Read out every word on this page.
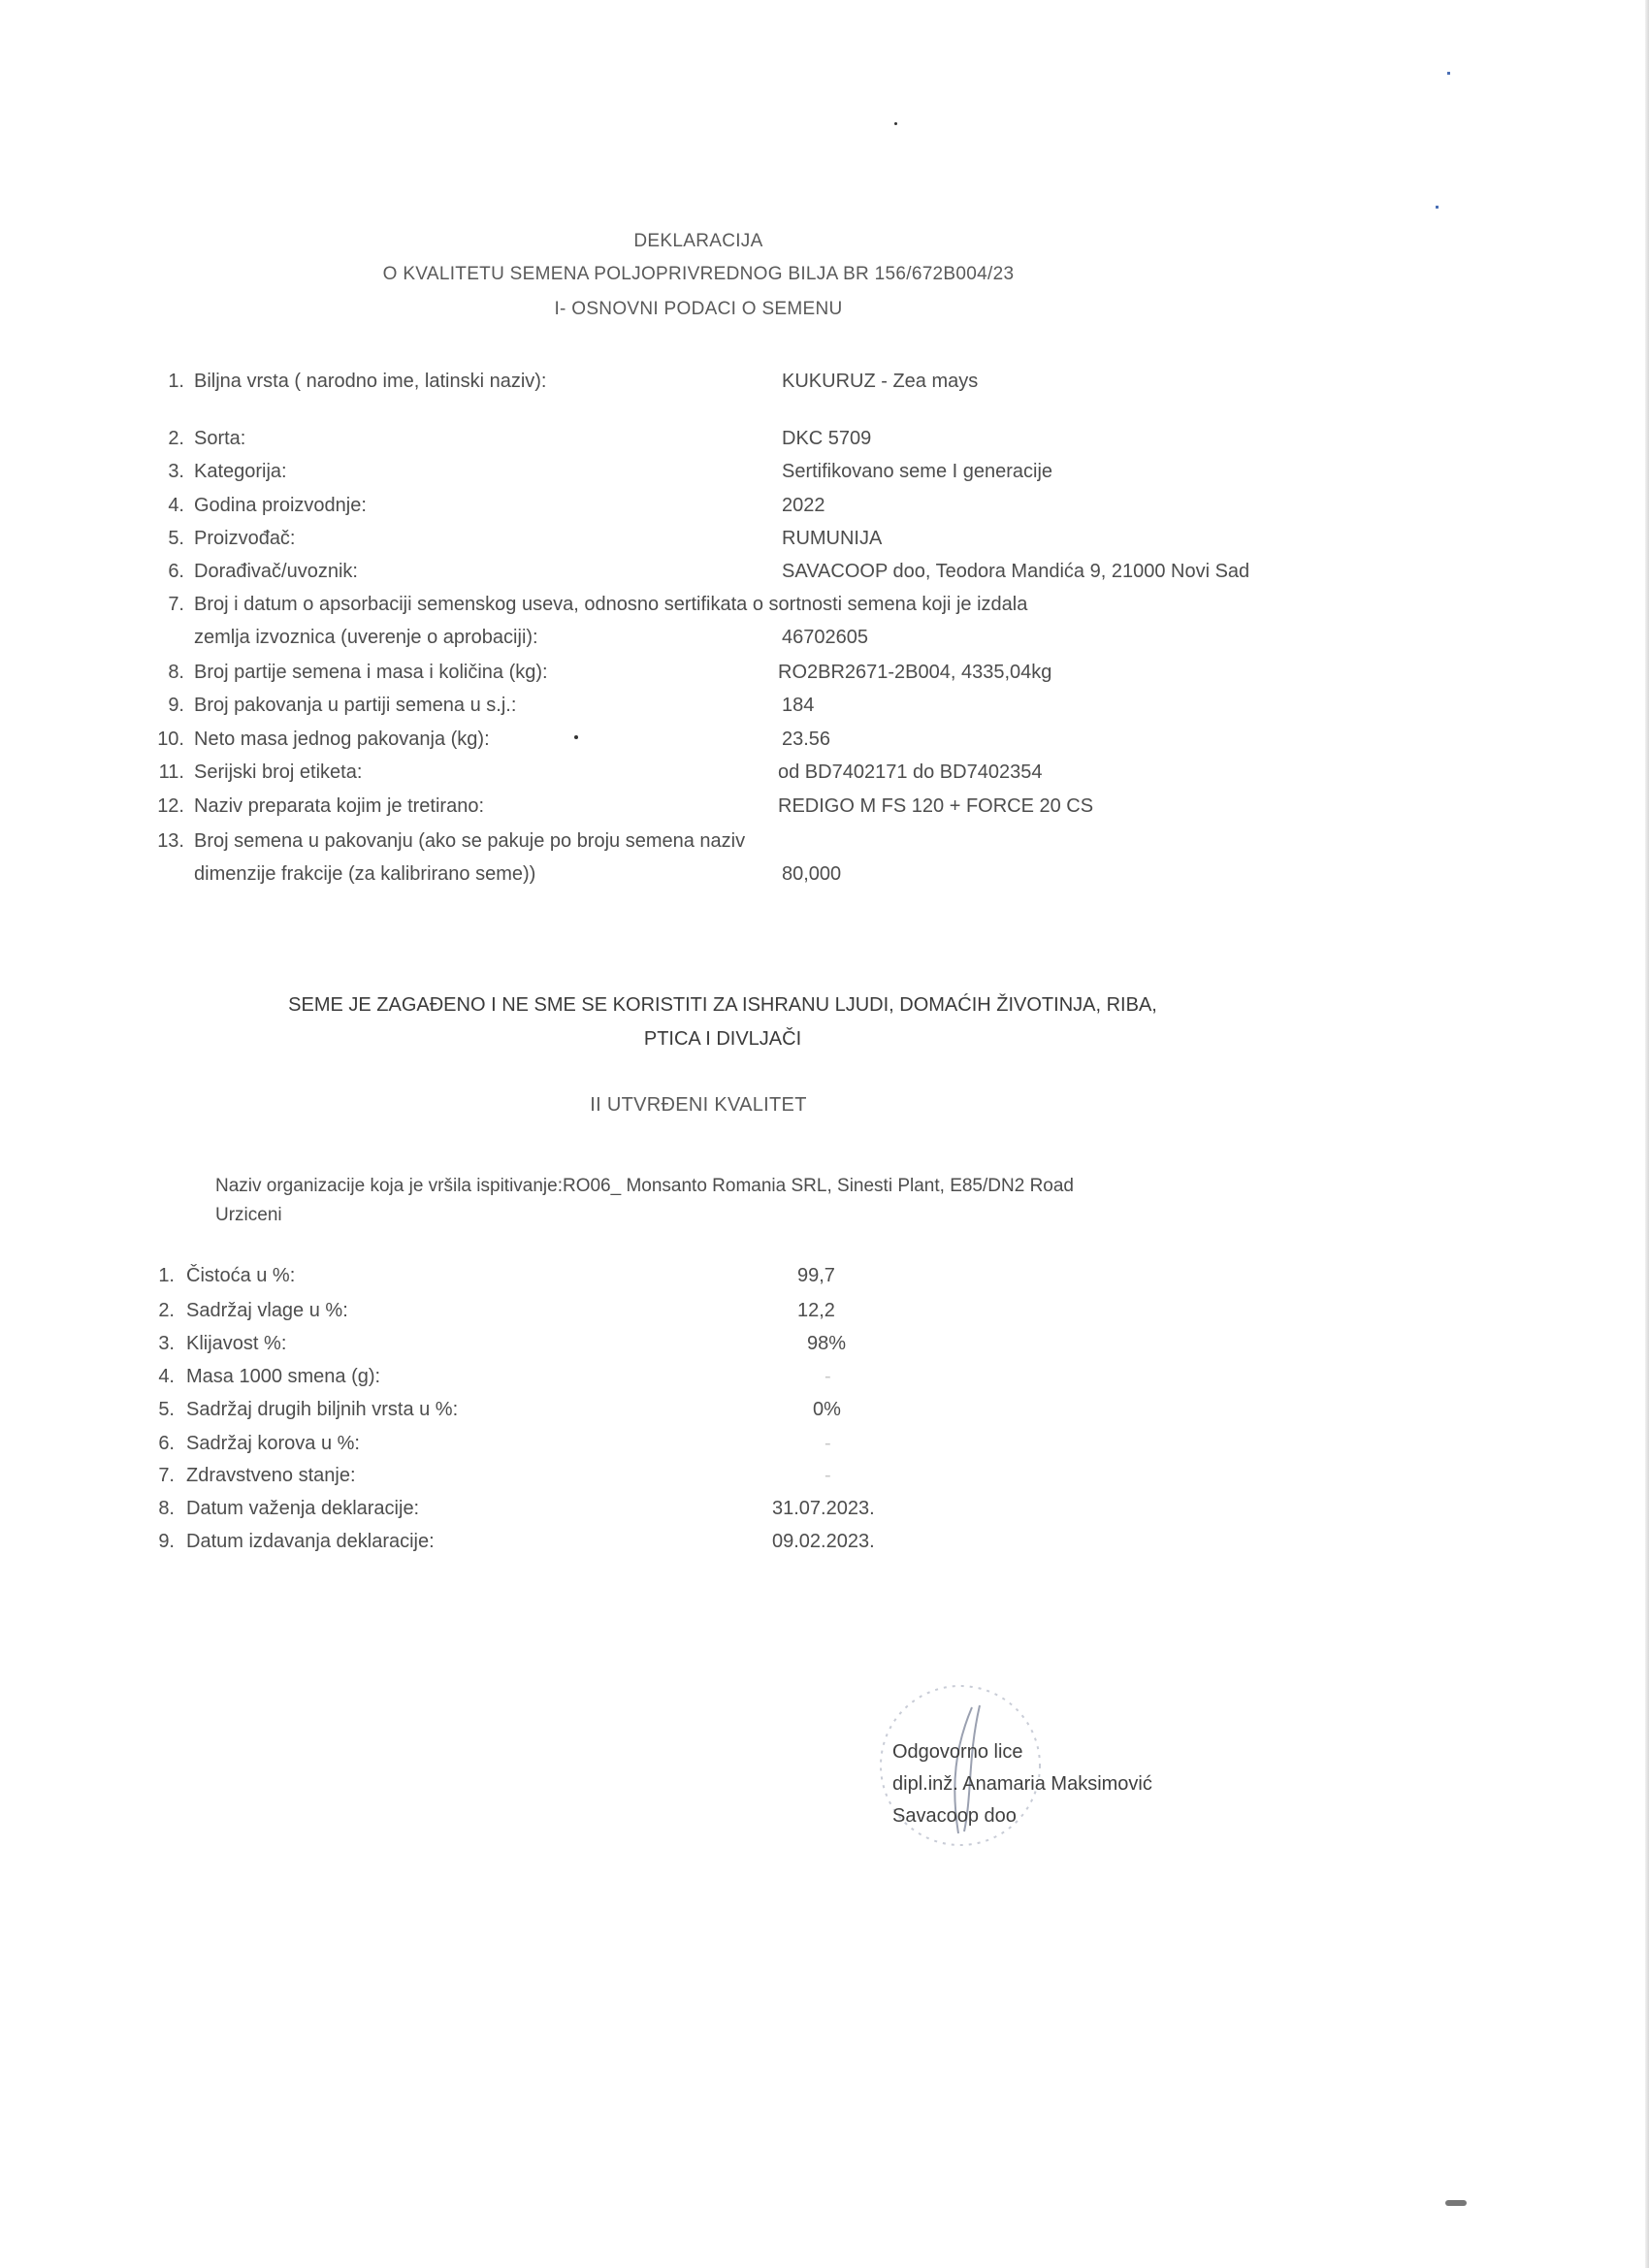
DEKLARACIJA
O KVALITETU SEMENA POLJOPRIVREDNOG BILJA BR 156/672B004/23
I- OSNOVNI PODACI O SEMENU
1. Biljna vrsta ( narodno ime, latinski naziv):	KUKURUZ - Zea mays
2. Sorta:	DKC 5709
3. Kategorija:	Sertifikovano seme I generacije
4. Godina proizvodnje:	2022
5. Proizvođač:	RUMUNIJA
6. Dorađivač/uvoznik:	SAVACOOP doo, Teodora Mandića 9, 21000 Novi Sad
7. Broj i datum o apsorbaciji semenskog useva, odnosno sertifikata o sortnosti semena koji je izdala
zemlja izvoznica (uverenje o aprobaciji):	46702605
8. Broj partije semena i masa i količina (kg):	RO2BR2671-2B004, 4335,04kg
9. Broj pakovanja u partiji semena u s.j.:	184
10. Neto masa jednog pakovanja (kg):	23.56
11. Serijski broj etiketa:	od BD7402171 do BD7402354
12. Naziv preparata kojim je tretirano:	REDIGO M FS 120 + FORCE 20 CS
13. Broj semena u pakovanju (ako se pakuje po broju semena naziv
dimenzije frakcije (za kalibrirano seme))	80,000
SEME JE ZAGAĐENO I NE SME SE KORISTITI ZA ISHRANU LJUDI, DOMAĆIH ŽIVOTINJA, RIBA,
PTICA I DIVLJAČI
II UTVRĐENI KVALITET
Naziv organizacije koja je vršila ispitivanje:RO06_ Monsanto Romania SRL, Sinesti Plant, E85/DN2 Road
Urziceni
1. Čistoća u %:	99,7
2. Sadržaj vlage u %:	12,2
3. Klijavost %:	98%
4. Masa 1000 smena (g):	-
5. Sadržaj drugih biljnih vrsta u %:	0%
6. Sadržaj korova u %:	-
7. Zdravstveno stanje:	-
8. Datum važenja deklaracije:	31.07.2023.
9. Datum izdavanja deklaracije:	09.02.2023.
Odgovorno lice
dipl.inž. Anamaria Maksimović
Savacoop doo
